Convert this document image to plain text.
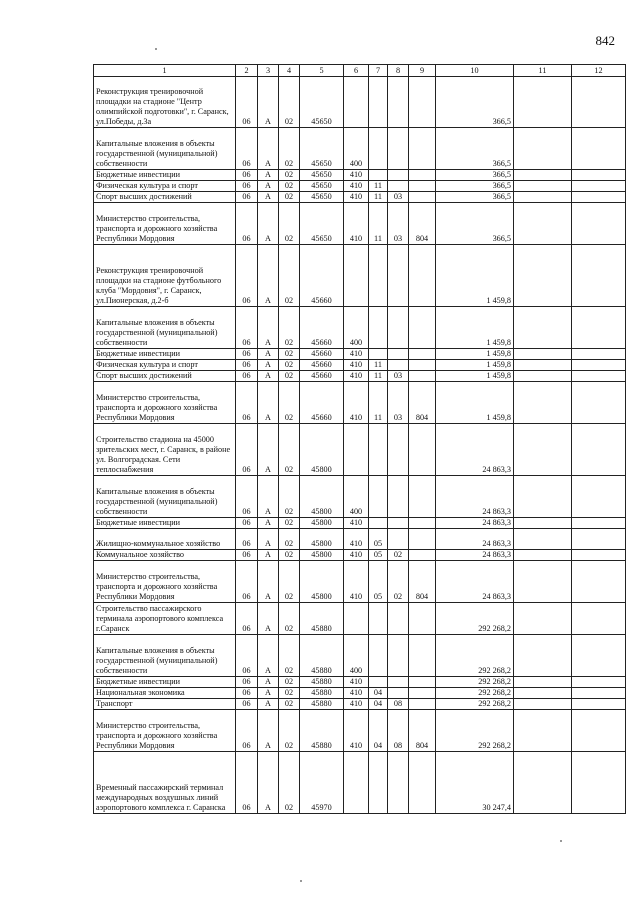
842
1	2	3	4	5	6	7	8	9	10	11	12
Реконструкция тренировочной площадки на стадионе "Центр олимпийской подготовки", г. Саранск, ул.Победы, д.3а	06	А	02	45650					366,5		
Капитальные вложения в объекты государственной (муниципальной) собственности	06	А	02	45650	400				366,5		
Бюджетные инвестиции	06	А	02	45650	410				366,5		
Физическая культура и спорт	06	А	02	45650	410	11			366,5		
Спорт высших достижений	06	А	02	45650	410	11	03		366,5		
Министерство строительства, транспорта и дорожного хозяйства Республики Мордовия	06	А	02	45650	410	11	03	804	366,5		
Реконструкция тренировочной площадки на стадионе футбольного клуба "Мордовия", г. Саранск, ул.Пионерская, д.2-б	06	А	02	45660					1 459,8		
Капитальные вложения в объекты государственной (муниципальной) собственности	06	А	02	45660	400				1 459,8		
Бюджетные инвестиции	06	А	02	45660	410				1 459,8		
Физическая культура и спорт	06	А	02	45660	410	11			1 459,8		
Спорт высших достижений	06	А	02	45660	410	11	03		1 459,8		
Министерство строительства, транспорта и дорожного хозяйства Республики Мордовия	06	А	02	45660	410	11	03	804	1 459,8		
Строительство стадиона на 45000 зрительских мест, г. Саранск, в районе ул. Волгоградская. Сети теплоснабжения	06	А	02	45800					24 863,3		
Капитальные вложения в объекты государственной (муниципальной) собственности	06	А	02	45800	400				24 863,3		
Бюджетные инвестиции	06	А	02	45800	410				24 863,3		
Жилищно-коммунальное хозяйство	06	А	02	45800	410	05			24 863,3		
Коммунальное хозяйство	06	А	02	45800	410	05	02		24 863,3		
Министерство строительства, транспорта и дорожного хозяйства Республики Мордовия	06	А	02	45800	410	05	02	804	24 863,3		
Строительство пассажирского терминала аэропортового комплекса г.Саранск	06	А	02	45880					292 268,2		
Капитальные вложения в объекты государственной (муниципальной) собственности	06	А	02	45880	400				292 268,2		
Бюджетные инвестиции	06	А	02	45880	410				292 268,2		
Национальная экономика	06	А	02	45880	410	04			292 268,2		
Транспорт	06	А	02	45880	410	04	08		292 268,2		
Министерство строительства, транспорта и дорожного хозяйства Республики Мордовия	06	А	02	45880	410	04	08	804	292 268,2		
Временный пассажирский терминал международных воздушных линий аэропортового комплекса г. Саранска	06	А	02	45970					30 247,4		
